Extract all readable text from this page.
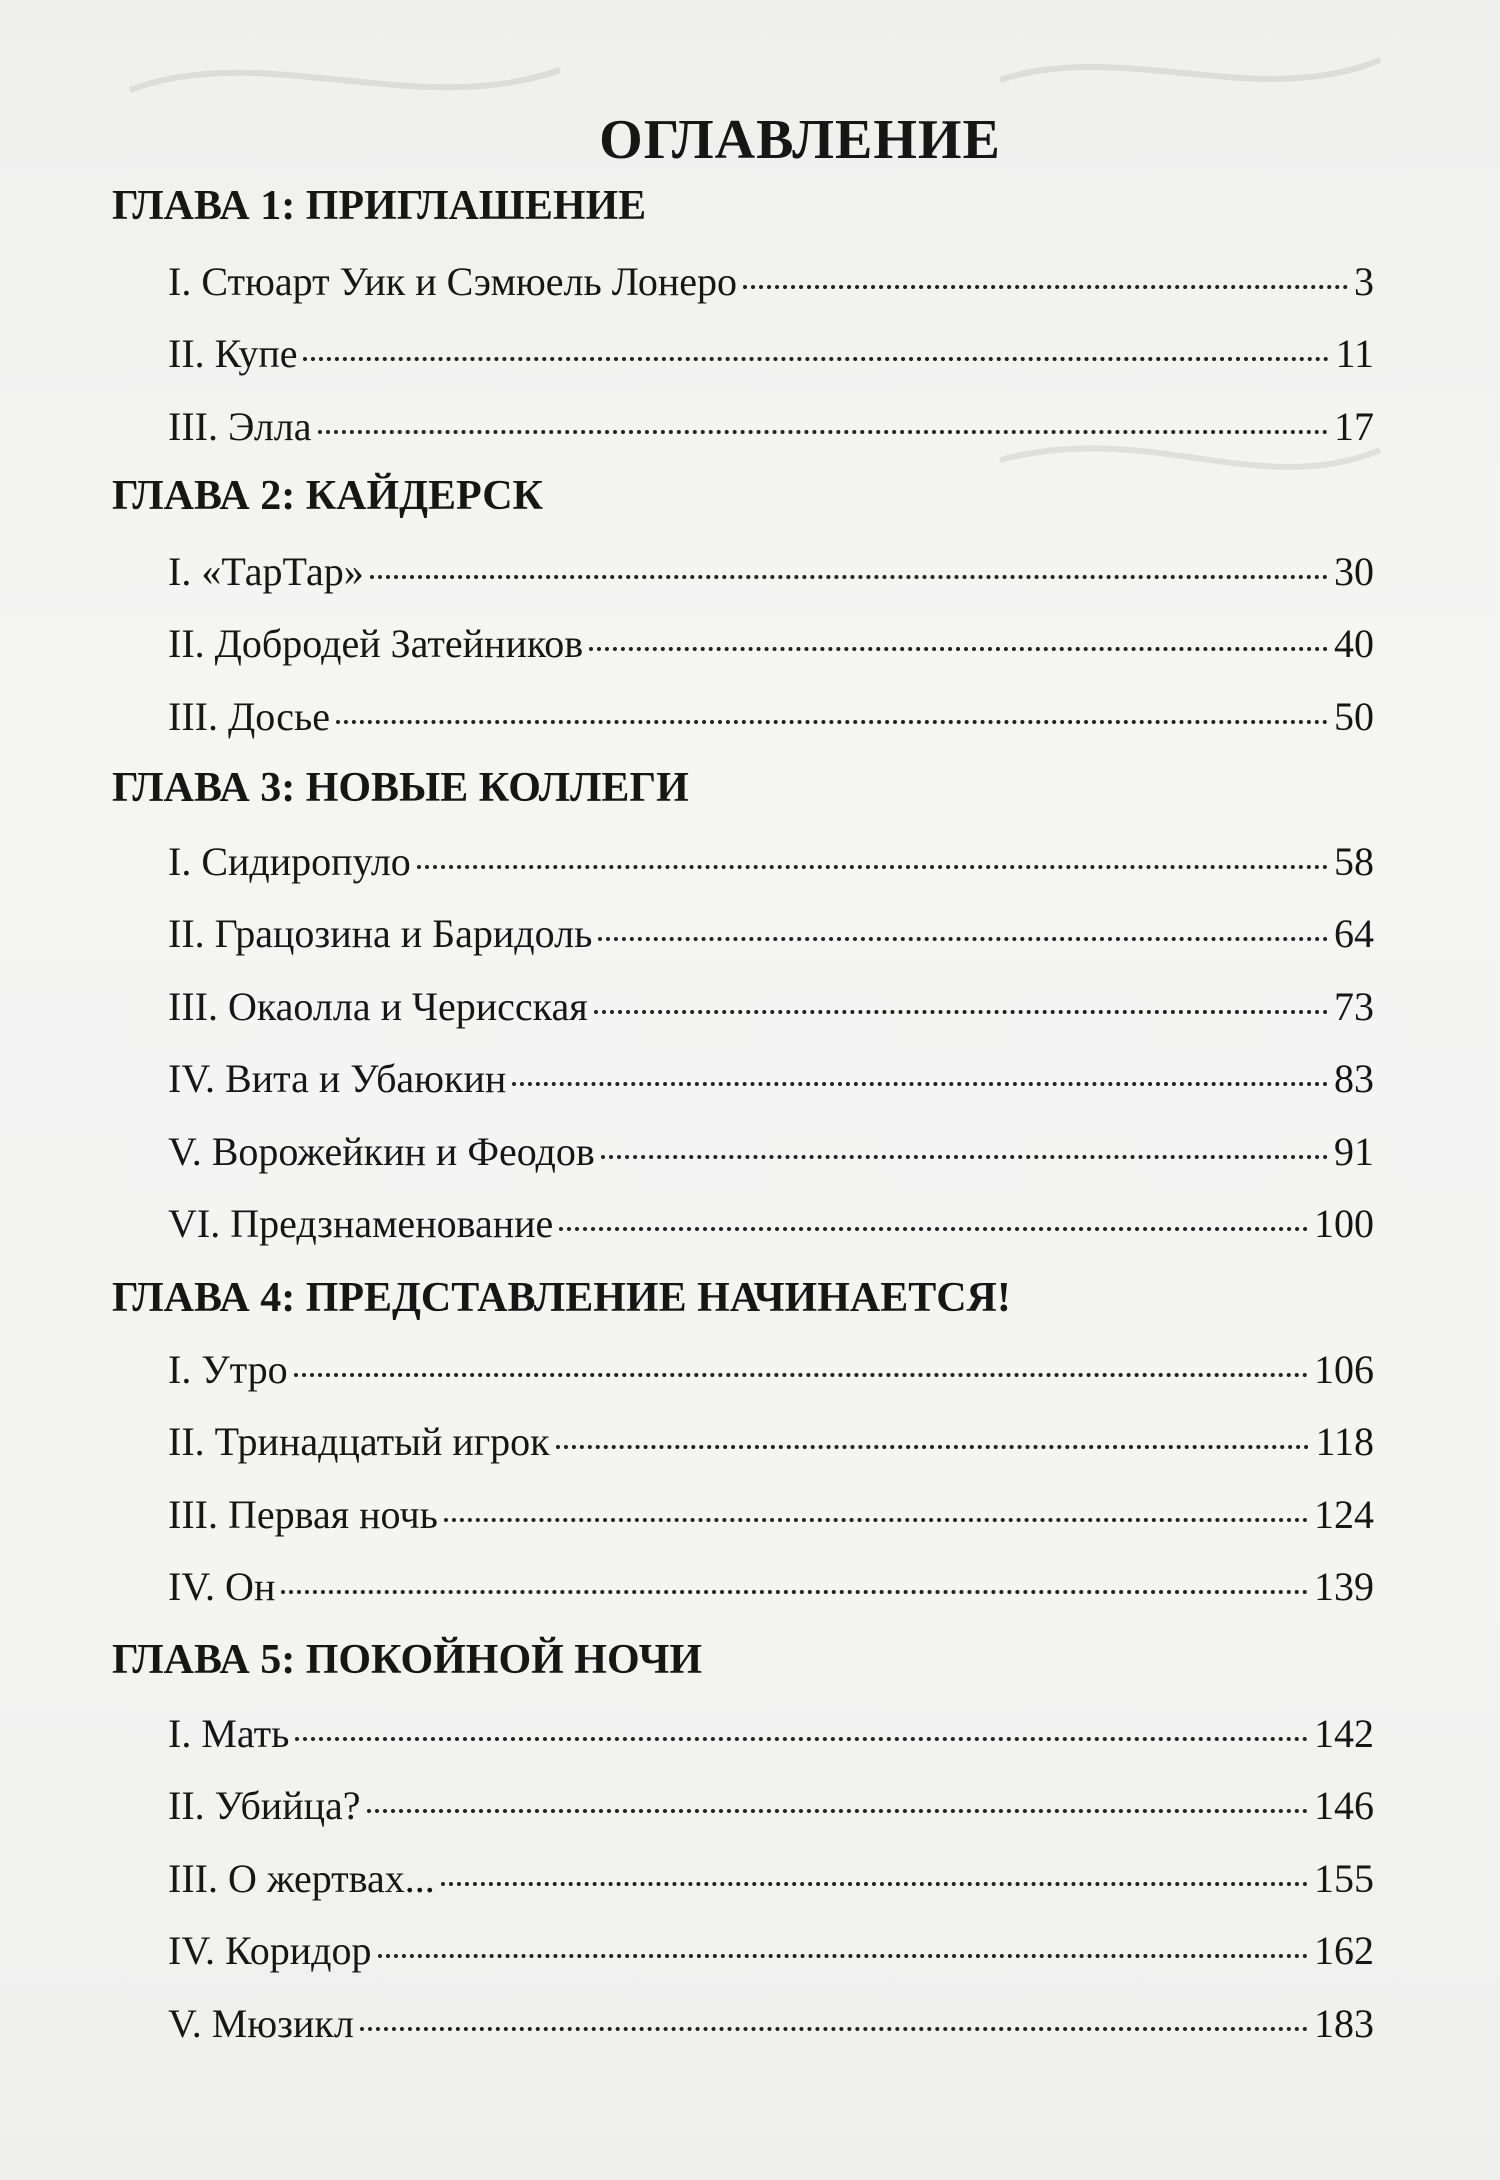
ОГЛАВЛЕНИЕ
ГЛАВА 1: ПРИГЛАШЕНИЕ
I. Стюарт Уик и Сэмюель Лонеро	3
II. Купе	11
III. Элла	17
ГЛАВА 2: КАЙДЕРСК
I. «ТарТар»	30
II. Добродей Затейников	40
III. Досье	50
ГЛАВА 3: НОВЫЕ КОЛЛЕГИ
I. Сидиропуло	58
II. Грацозина и Баридоль	64
III. Окаолла и Черисская	73
IV. Вита и Убаюкин	83
V. Ворожейкин и Феодов	91
VI. Предзнаменование	100
ГЛАВА 4: ПРЕДСТАВЛЕНИЕ НАЧИНАЕТСЯ!
I. Утро	106
II. Тринадцатый игрок	118
III. Первая ночь	124
IV. Он	139
ГЛАВА 5: ПОКОЙНОЙ НОЧИ
I. Мать	142
II. Убийца?	146
III. О жертвах...	155
IV. Коридор	162
V. Мюзикл	183
